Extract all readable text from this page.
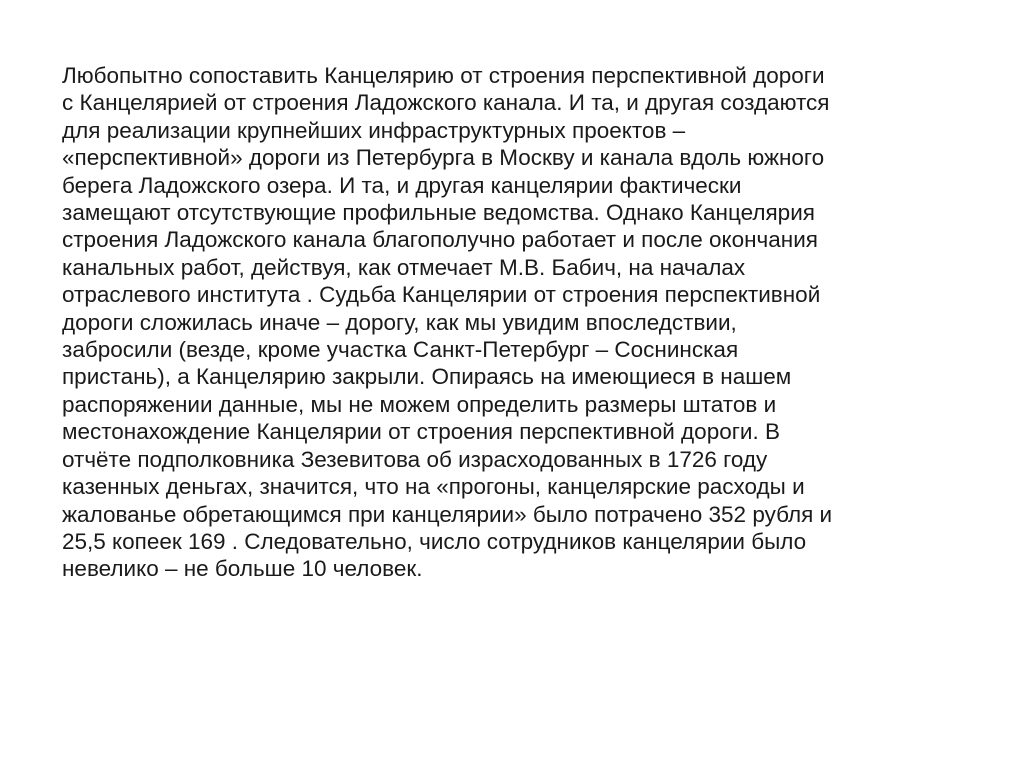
Любопытно сопоставить Канцелярию от строения перспективной дороги
с Канцелярией от строения Ладожского канала. И та, и другая создаются
для реализации крупнейших инфраструктурных проектов –
«перспективной» дороги из Петербурга в Москву и канала вдоль южного
берега Ладожского озера. И та, и другая канцелярии фактически
замещают отсутствующие профильные ведомства. Однако Канцелярия
строения Ладожского канала благополучно работает и после окончания
канальных работ, действуя, как отмечает М.В. Бабич, на началах
отраслевого института . Судьба Канцелярии от строения перспективной
дороги сложилась иначе – дорогу, как мы увидим впоследствии,
забросили (везде, кроме участка Санкт-Петербург – Соснинская
пристань), а Канцелярию закрыли. Опираясь на имеющиеся в нашем
распоряжении данные, мы не можем определить размеры штатов и
местонахождение Канцелярии от строения перспективной дороги. В
отчёте подполковника Зезевитова об израсходованных в 1726 году
казенных деньгах, значится, что на «прогоны, канцелярские расходы и
жалованье обретающимся при канцелярии» было потрачено 352 рубля и
25,5 копеек 169 . Следовательно, число сотрудников канцелярии было
невелико – не больше 10 человек.
